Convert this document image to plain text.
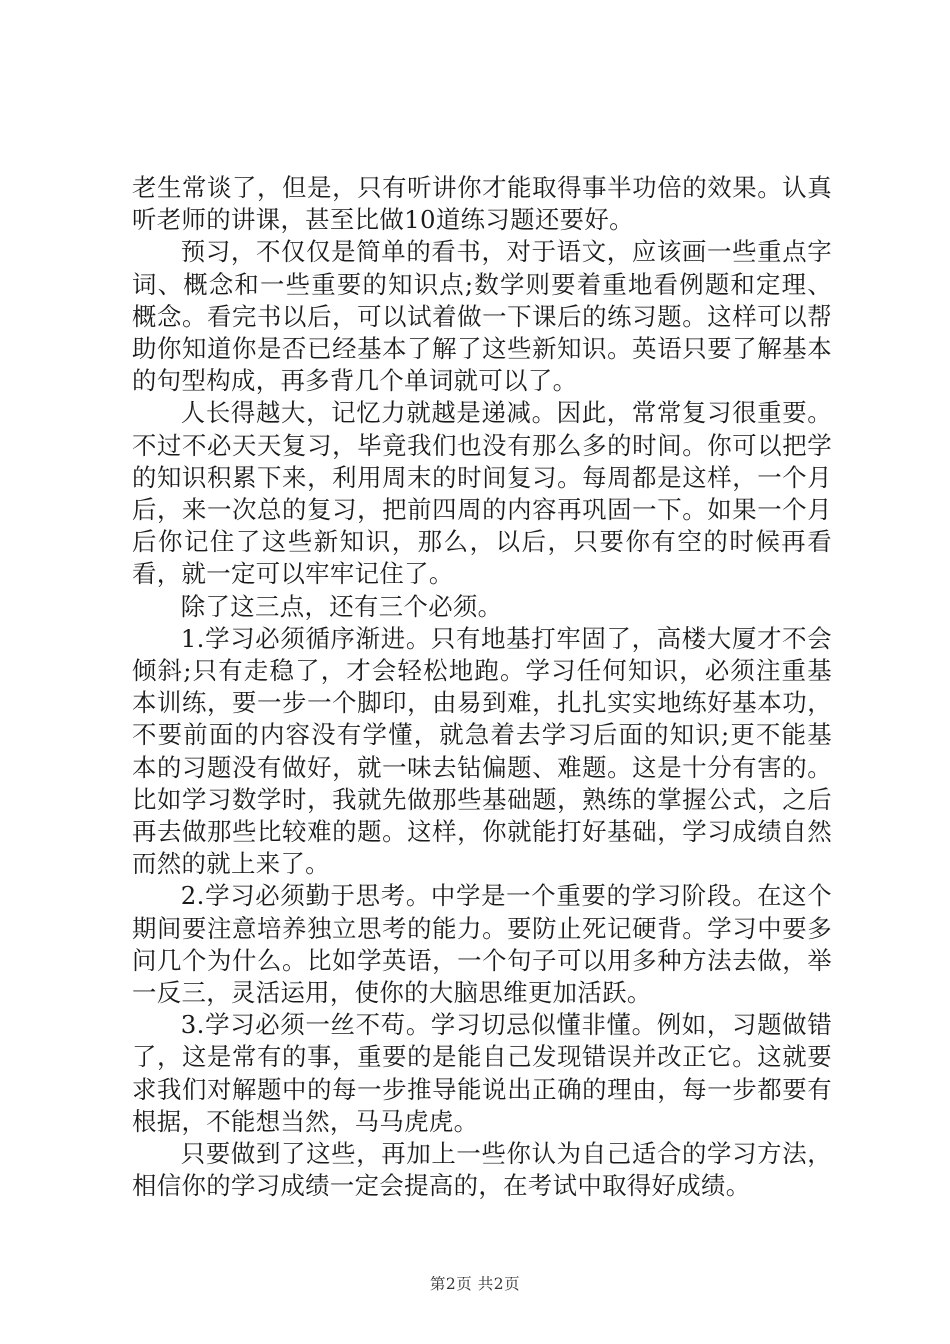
老生常谈了，但是，只有听讲你才能取得事半功倍的效果。认真听老师的讲课，甚至比做10道练习题还要好。

预习，不仅仅是简单的看书，对于语文，应该画一些重点字词、概念和一些重要的知识点;数学则要着重地看例题和定理、概念。看完书以后，可以试着做一下课后的练习题。这样可以帮助你知道你是否已经基本了解了这些新知识。英语只要了解基本的句型构成，再多背几个单词就可以了。

人长得越大，记忆力就越是递减。因此，常常复习很重要。不过不必天天复习，毕竟我们也没有那么多的时间。你可以把学的知识积累下来，利用周末的时间复习。每周都是这样，一个月后，来一次总的复习，把前四周的内容再巩固一下。如果一个月后你记住了这些新知识，那么，以后，只要你有空的时候再看看，就一定可以牢牢记住了。

除了这三点，还有三个必须。

1.学习必须循序渐进。只有地基打牢固了，高楼大厦才不会倾斜;只有走稳了，才会轻松地跑。学习任何知识，必须注重基本训练，要一步一个脚印，由易到难，扎扎实实地练好基本功，不要前面的内容没有学懂，就急着去学习后面的知识;更不能基本的习题没有做好，就一味去钻偏题、难题。这是十分有害的。比如学习数学时，我就先做那些基础题，熟练的掌握公式，之后再去做那些比较难的题。这样，你就能打好基础，学习成绩自然而然的就上来了。

2.学习必须勤于思考。中学是一个重要的学习阶段。在这个期间要注意培养独立思考的能力。要防止死记硬背。学习中要多问几个为什么。比如学英语，一个句子可以用多种方法去做，举一反三，灵活运用，使你的大脑思维更加活跃。

3.学习必须一丝不苟。学习切忌似懂非懂。例如，习题做错了，这是常有的事，重要的是能自己发现错误并改正它。这就要求我们对解题中的每一步推导能说出正确的理由，每一步都要有根据，不能想当然，马马虎虎。

只要做到了这些，再加上一些你认为自己适合的学习方法，相信你的学习成绩一定会提高的，在考试中取得好成绩。

第2页 共2页
